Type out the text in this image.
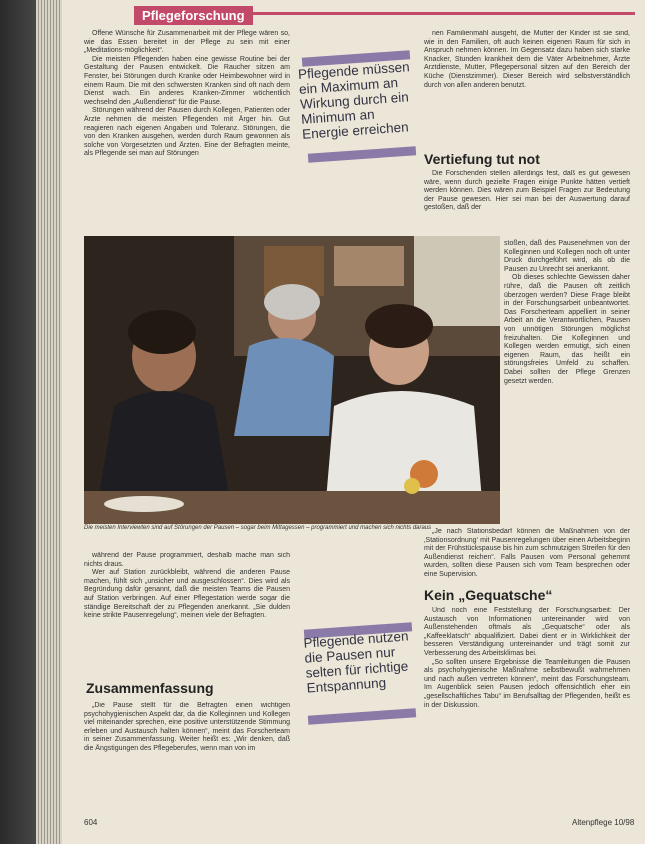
Pflegeforschung

Offene Wünsche für Zusammenarbeit mit der Pflege wären so, wie das Essen bereitet in der Pflege zu sein mit einer „Meditations-möglichkeit“.

Die meisten Pflegenden haben eine gewisse Routine bei der Gestaltung der Pausen entwickelt. Die Raucher sitzen am Fenster, bei Störungen durch Kranke oder Heimbewohner wird in einem Raum. Die mit den schwersten Kranken sind oft nach dem Dienst wach. Ein anderes Kranken-Zimmer wöchentlich wechselnd den „Außendienst“ für die Pause.

Störungen während der Pausen durch Kollegen, Patienten oder Ärzte nehmen die meisten Pflegenden mit Ärger hin. Gut reagieren nach eigenen Angaben und Toleranz. Störungen, die von den Kranken ausgehen, werden durch Raum gewonnen als solche von Vorgesetzten und Ärzten. Eine der Befragten meinte, als Pflegende sei man auf Störungen

Pflegende müssen ein Maximum an Wirkung durch ein Minimum an Energie erreichen

nen Familienmahl ausgeht, die Mutter der Kinder ist sie sind, wie in den Familien, oft auch keinen eigenen Raum für sich in Anspruch nehmen können. Im Gegensatz dazu haben sich starke Knacker, Stunden krankheit dem die Väter Arbeitnehmer, Ärzte Arztdienste, Mutter, Pflegepersonal sitzen auf den Bereich der Küche (Dienstzimmer). Dieser Bereich wird selbstverständlich durch von allen anderen benutzt.

Vertiefung tut not

Die Forschenden stellen allerdings fest, daß es gut gewesen wäre, wenn durch gezielte Fragen einige Punkte hätten vertieft werden können. Dies wären zum Beispiel Fragen zur Bedeutung der Pause gewesen. Hier sei man bei der Auswertung darauf gestoßen, daß der

Die meisten Interviewten sind auf Störungen der Pausen – sogar beim Mittagessen – programmiert und machen sich nichts daraus

stoßen, daß des Pausenehmen von der Kolleginnen und Kollegen noch oft unter Druck durchgeführt wird, als ob die Pausen zu Unrecht sei anerkannt.

Ob dieses schlechte Gewissen daher rühre, daß die Pausen oft zeitlich überzogen werden? Diese Frage bleibt in der Forschungsarbeit unbeantwortet. Das Forscherteam appelliert in seiner Arbeit an die Verantwortlichen, Pausen von unnötigen Störungen möglichst freizuhalten. Die Kolleginnen und Kollegen werden ermutigt, sich einen eigenen Raum, das heißt ein störungsfreies Umfeld zu schaffen. Dabei sollten der Pflege Grenzen gesetzt werden.

„Je nach Stationsbedarf können die Maßnahmen von der ‚Stationsordnung‘ mit Pausenregelungen über einen Arbeitsbeginn mit der Frühstückspause bis hin zum schmutzigen Streifen für den Außendienst reichen“. Falls Pausen vom Personal gehemmt wurden, sollten diese Pausen sich vom Team besprechen oder eine Supervision.

während der Pause programmiert, deshalb mache man sich nichts draus.

Wer auf Station zurückbleibt, während die anderen Pause machen, fühlt sich „unsicher und ausgeschlossen“. Dies wird als Begründung dafür genannt, daß die meisten Teams die Pausen auf Station verbringen. Auf einer Pflegestation werde sogar die ständige Bereitschaft der zu Pflegenden anerkannt. „Sie dulden keine strikte Pausenregelung“, meinen viele der Befragten.

Pflegende nutzen die Pausen nur selten für richtige Entspannung
Zusammenfassung

„Die Pause stellt für die Befragten einen wichtigen psychohygienischen Aspekt dar, da die Kolleginnen und Kollegen viel miteinander sprechen, eine positive unterstützende Stimmung erleben und Austausch halten können“, meint das Forscherteam in seiner Zusammenfassung. Weiter heißt es: „Wir denken, daß die Ängstigungen des Pflegeberufes, wenn man von im

Kein „Gequatsche“

Und noch eine Feststellung der Forschungsarbeit: Der Austausch von Informationen untereinander wird von Außenstehenden oftmals als „Gequatsche“ oder als „Kaffeeklatsch“ abqualifiziert. Dabei dient er in Wirklichkeit der besseren Verständigung untereinander und trägt somit zur Verbesserung des Arbeitsklimas bei.

„So sollten unsere Ergebnisse die Teamleitungen die Pausen als psychohygienische Maßnahme selbstbewußt wahrnehmen und nach außen vertreten können“, meint das Forschungsteam. Im Augenblick seien Pausen jedoch offensichtlich eher ein „gesellschaftliches Tabu“ im Berufsalltag der Pflegenden, heißt es in der Diskussion.

604	Altenpflege 10/98
